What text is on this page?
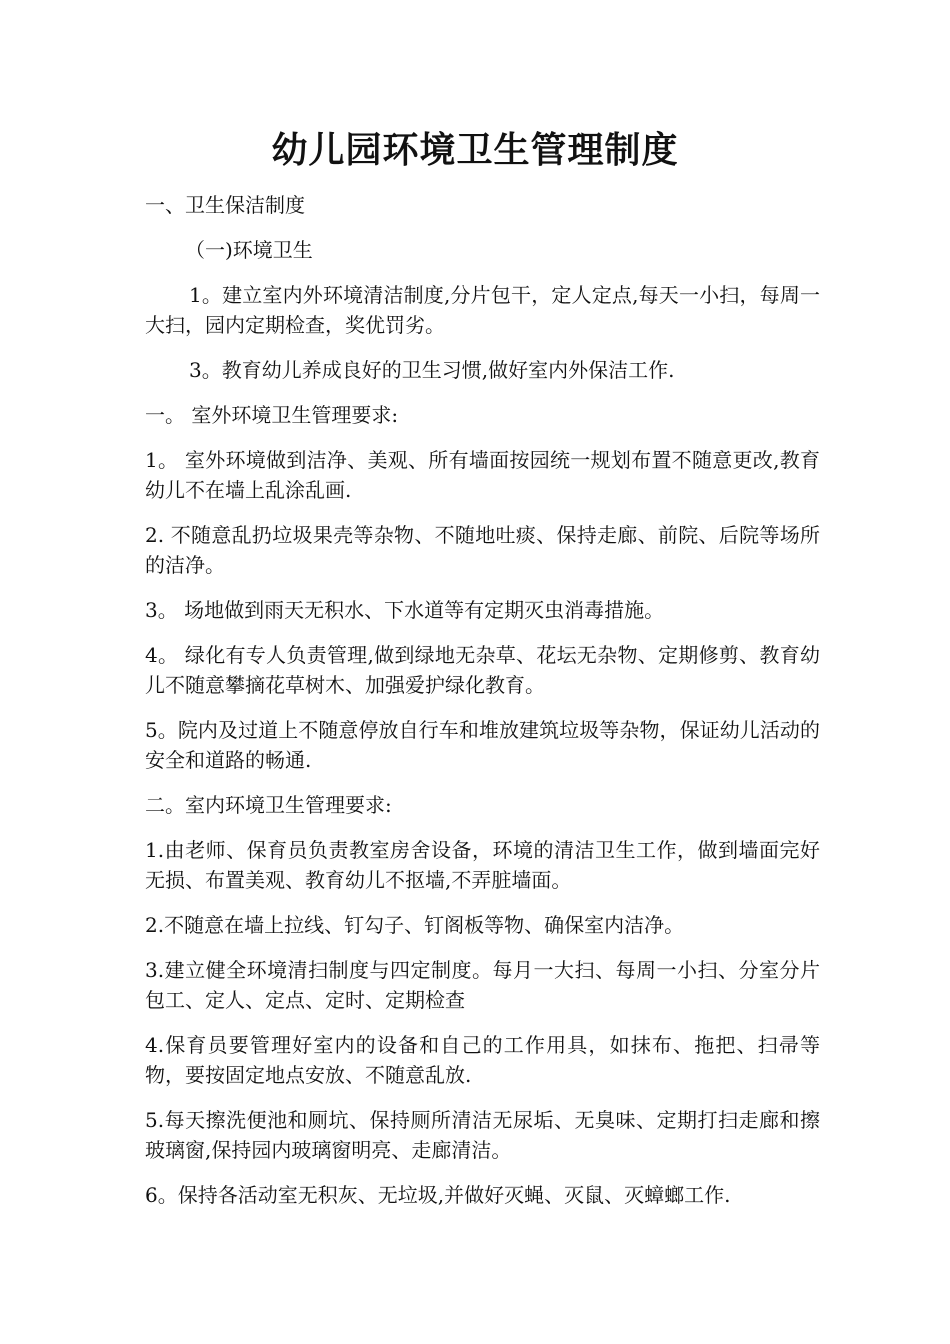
幼儿园环境卫生管理制度

一、卫生保洁制度

（一)环境卫生

1。建立室内外环境清洁制度,分片包干，定人定点,每天一小扫，每周一大扫，园内定期检查，奖优罚劣。

3。教育幼儿养成良好的卫生习惯,做好室内外保洁工作.

一。 室外环境卫生管理要求:

1。 室外环境做到洁净、美观、所有墙面按园统一规划布置不随意更改,教育幼儿不在墙上乱涂乱画.

2. 不随意乱扔垃圾果壳等杂物、不随地吐痰、保持走廊、前院、后院等场所的洁净。

3。 场地做到雨天无积水、下水道等有定期灭虫消毒措施。

4。 绿化有专人负责管理,做到绿地无杂草、花坛无杂物、定期修剪、教育幼儿不随意攀摘花草树木、加强爱护绿化教育。

5。院内及过道上不随意停放自行车和堆放建筑垃圾等杂物，保证幼儿活动的安全和道路的畅通.

二。室内环境卫生管理要求:

1.由老师、保育员负责教室房舍设备，环境的清洁卫生工作，做到墙面完好无损、布置美观、教育幼儿不抠墙,不弄脏墙面。

2.不随意在墙上拉线、钉勾子、钉阁板等物、确保室内洁净。

3.建立健全环境清扫制度与四定制度。每月一大扫、每周一小扫、分室分片包工、定人、定点、定时、定期检查

4.保育员要管理好室内的设备和自己的工作用具，如抹布、拖把、扫帚等物，要按固定地点安放、不随意乱放.

5.每天擦洗便池和厕坑、保持厕所清洁无尿垢、无臭味、定期打扫走廊和擦玻璃窗,保持园内玻璃窗明亮、走廊清洁。

6。保持各活动室无积灰、无垃圾,并做好灭蝇、灭鼠、灭蟑螂工作.
